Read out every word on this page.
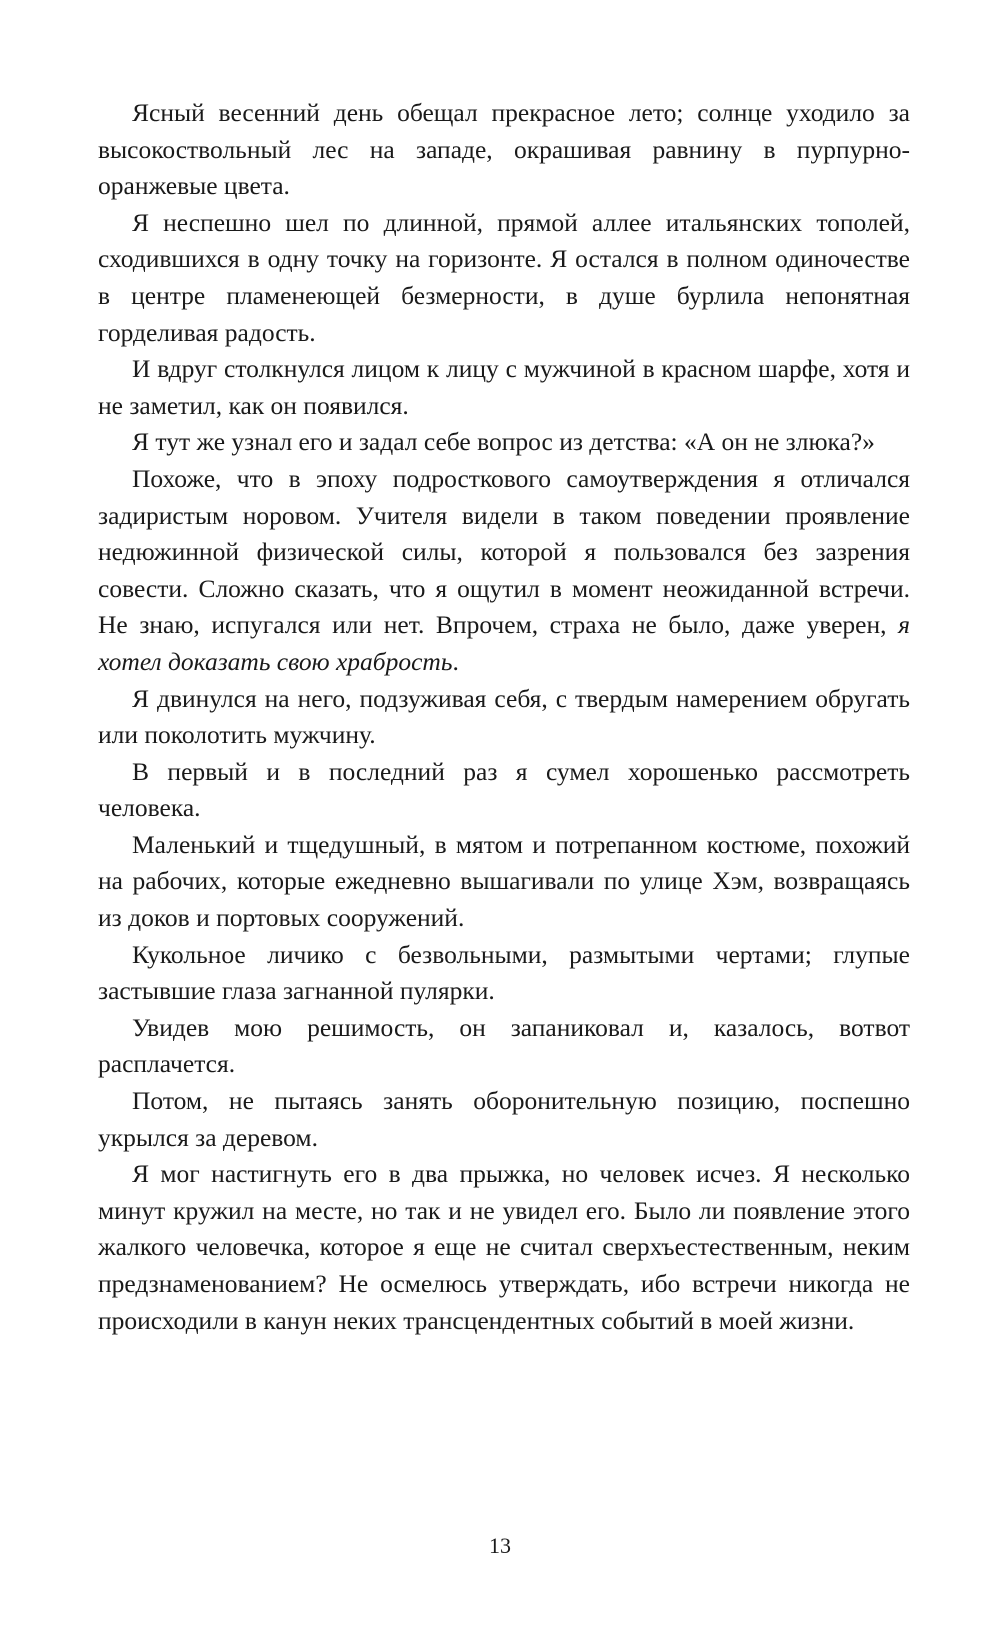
Ясный весенний день обещал прекрасное лето; солнце уходило за высокоствольный лес на западе, окрашивая равнину в пурпурно-оранжевые цвета.

Я неспешно шел по длинной, прямой аллее итальянских тополей, сходившихся в одну точку на горизонте. Я остался в полном одиночестве в центре пламенеющей безмерности, в душе бурлила непонятная горделивая радость.

И вдруг столкнулся лицом к лицу с мужчиной в красном шарфе, хотя и не заметил, как он появился.

Я тут же узнал его и задал себе вопрос из детства: «А он не злюка?»

Похоже, что в эпоху подросткового самоутверждения я отличался задиристым норовом. Учителя видели в таком поведении проявление недюжинной физической силы, которой я пользовался без зазрения совести. Сложно сказать, что я ощутил в момент неожиданной встречи. Не знаю, испугался или нет. Впрочем, страха не было, даже уверен, я хотел доказать свою храбрость.

Я двинулся на него, подзуживая себя, с твердым намерением обругать или поколотить мужчину.

В первый и в последний раз я сумел хорошенько рассмотреть человека.

Маленький и тщедушный, в мятом и потрепанном костюме, похожий на рабочих, которые ежедневно вышагивали по улице Хэм, возвращаясь из доков и портовых сооружений.

Кукольное личико с безвольными, размытыми чертами; глупые застывшие глаза загнанной пулярки.

Увидев мою решимость, он запаниковал и, казалось, вотвот расплачется.

Потом, не пытаясь занять оборонительную позицию, поспешно укрылся за деревом.

Я мог настигнуть его в два прыжка, но человек исчез. Я несколько минут кружил на месте, но так и не увидел его. Было ли появление этого жалкого человечка, которое я еще не считал сверхъестественным, неким предзнаменованием? Не осмелюсь утверждать, ибо встречи никогда не происходили в канун неких трансцендентных событий в моей жизни.

13
